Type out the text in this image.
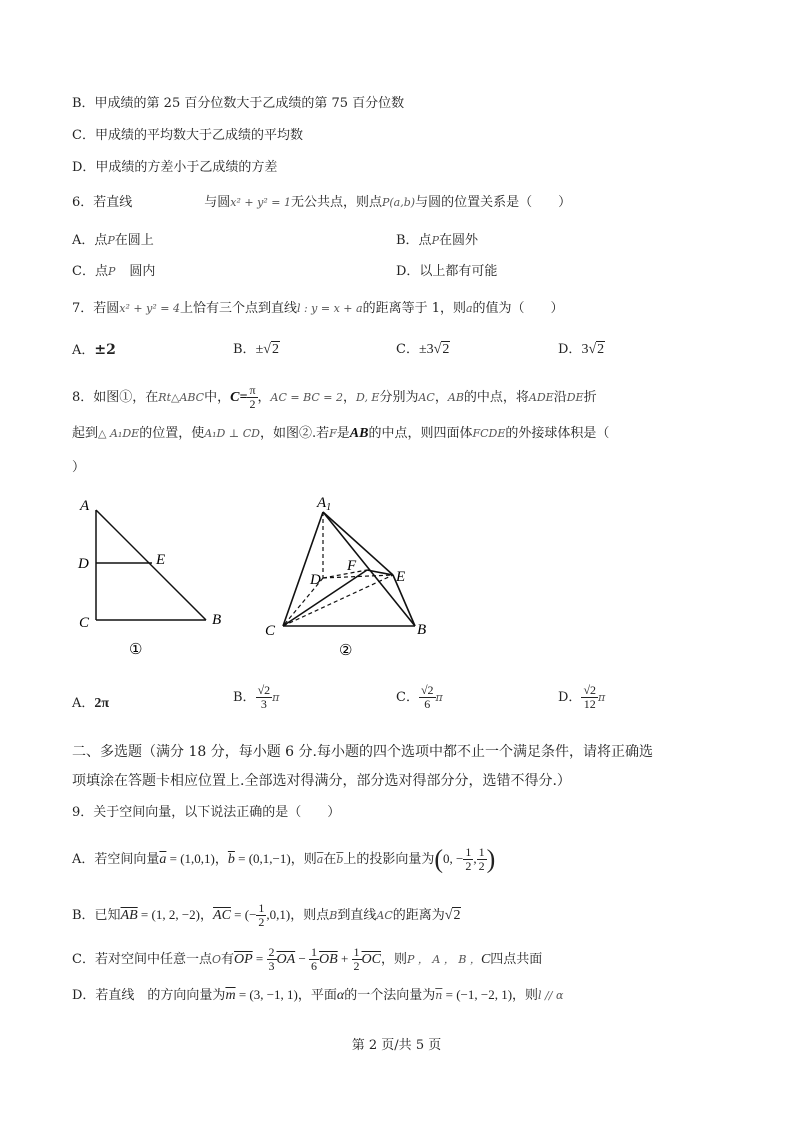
B．甲成绩的第 25 百分位数大于乙成绩的第 75 百分位数
C．甲成绩的平均数大于乙成绩的平均数
D．甲成绩的方差小于乙成绩的方差
6．若直线	与圆x² + y² = 1无公共点，则点P(a,b)与圆的位置关系是（　　）
A．点P在圆上	B．点P在圆外
C．点P 圆内	D．以上都有可能
7．若圆x² + y² = 4上恰有三个点到直线l : y = x + a的距离等于 1，则a的值为（　　）
A．±2	B．±√2	C．±3√2	D．3√2
8．如图①，在Rt△ABC中，$C= \frac{\pi}{2}$ ，AC = BC = 2，D, E分别为AC，AB的中点，将ADE沿DE折
起到△ A₁DE的位置，使A₁D ⊥ CD，如图②.若F是AB的中点，则四面体FCDE的外接球体积是（
）
A
D	E
C	B
①
$A_1$
D
F
E
C	B
②
A．2π	B． $\frac{√2}{3}$ π	C． $\frac{√2}{6}$ π	D． $\frac{√2}{12}$ π
二、多选题（满分 18 分，每小题 6 分.每小题的四个选项中都不止一个满足条件，请将正确选
项填涂在答题卡相应位置上.全部选对得满分，部分选对得部分分，选错不得分.）
9．关于空间向量，以下说法正确的是（　　）
A．若空间向量$\overline{a} = (1,0,1)$，$\overline{b} = (0,1,-1)$，则$\overline{a}$在$\overline{b}$上的投影向量为(0, − $\frac{1}{2}$ , $\frac{1}{2}$ )
B．已知$\overline{AB} = (1$, 2, −2)，$\overline{AC}$ = (− $\frac{1}{2} ,0,1$)，则点B到直线AC的距离为√2
C．若对空间中任意一点O有$\overline{OP} = \frac{2}{3} \overline{OA} - \frac{1}{6} \overline{OB} + \frac{1}{2} \overline{OC}$，则P ， A ， B ，C四点共面
D．若直线　的方向向量为$\overline{m} = (3$, −1, 1)，平面α的一个法向量为$\overline{n} = (-1$, −2, 1)，则l // α
第 2 页/共 5 页
